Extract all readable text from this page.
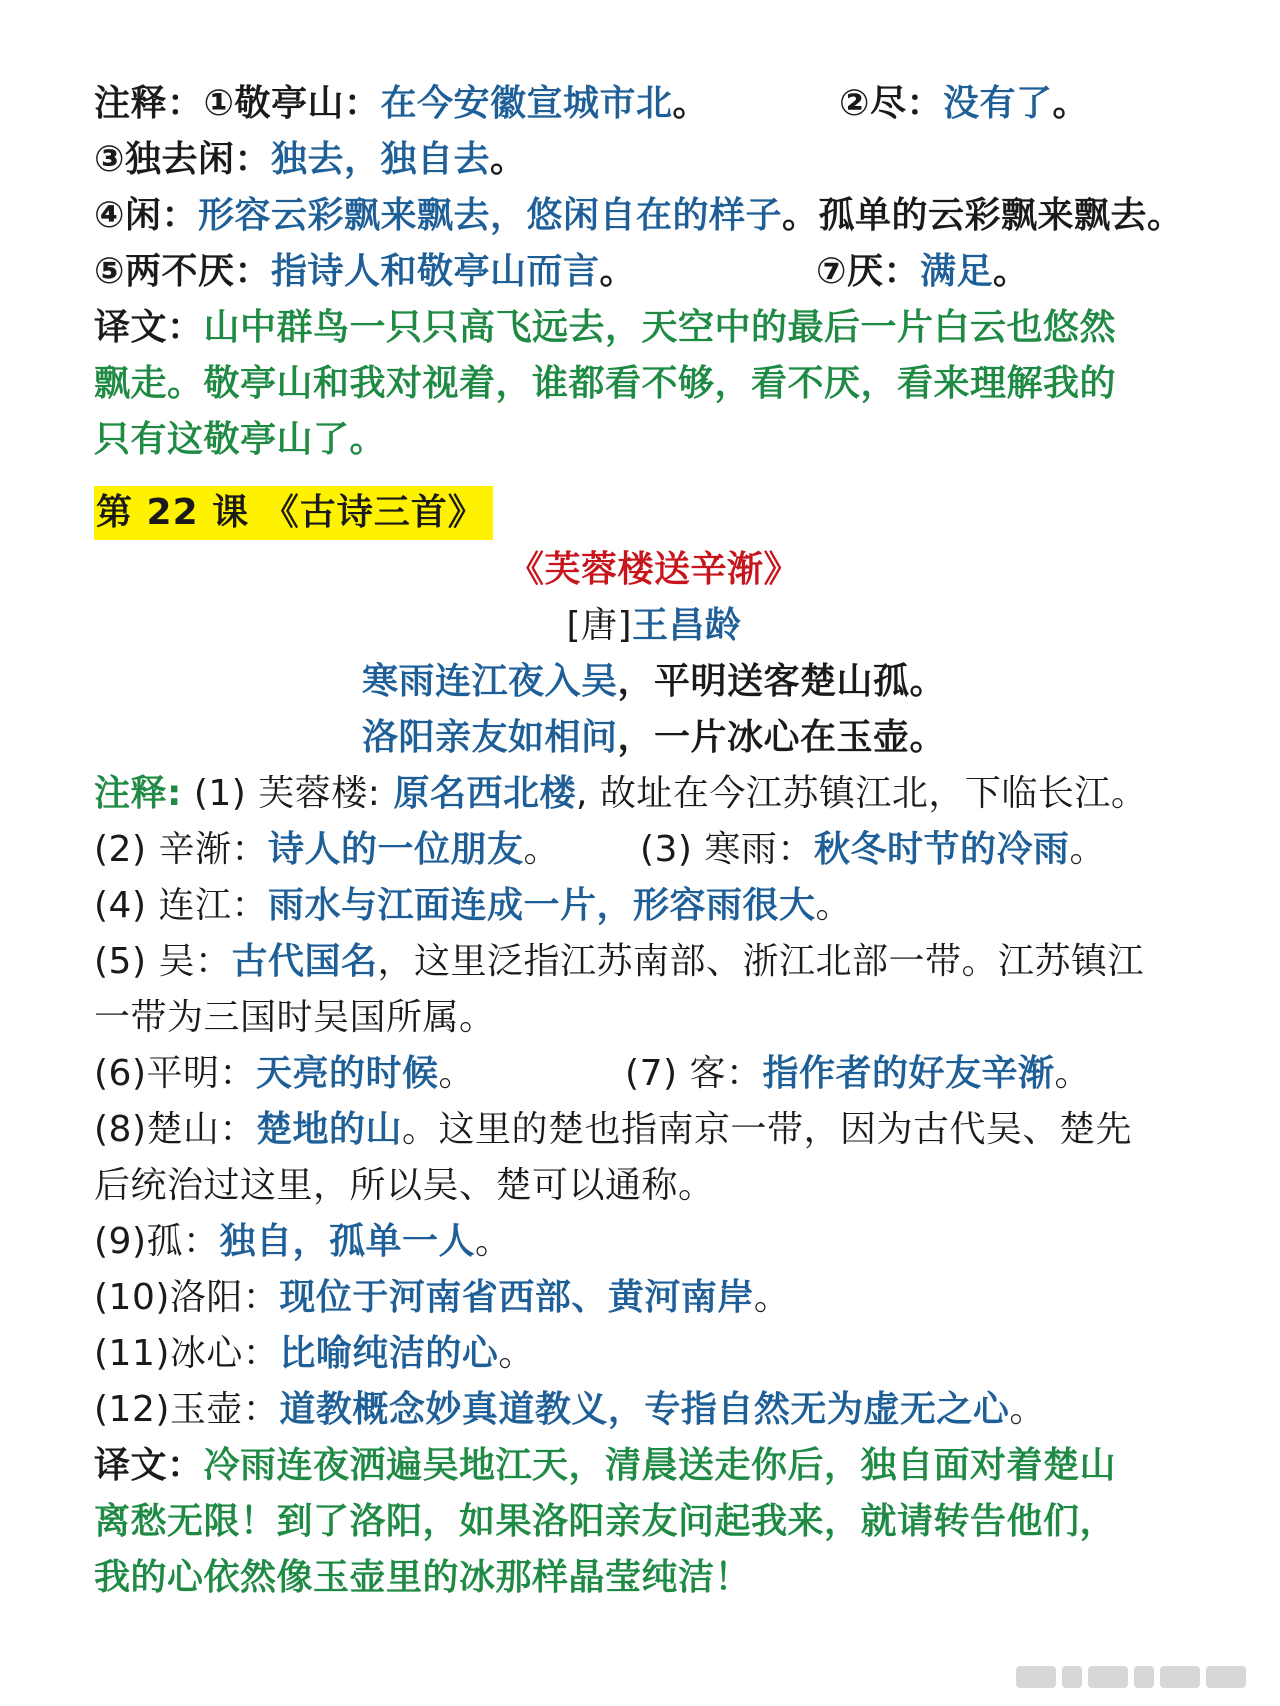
注释：①敬亭山：在今安徽宣城市北。	②尽：没有了。
③独去闲：独去，独自去。
④闲：形容云彩飘来飘去，悠闲自在的样子。孤单的云彩飘来飘去。
⑤两不厌：指诗人和敬亭山而言。	⑦厌：满足。
译文：山中群鸟一只只高飞远去，天空中的最后一片白云也悠然
飘走。敬亭山和我对视着，谁都看不够，看不厌，看来理解我的
只有这敬亭山了。
第 22 课 《古诗三首》
《芙蓉楼送辛渐》
[唐]王昌龄
寒雨连江夜入吴，平明送客楚山孤。
洛阳亲友如相问，一片冰心在玉壶。
注释: (1) 芙蓉楼: 原名西北楼, 故址在今江苏镇江北，下临长江。
(2) 辛渐：诗人的一位朋友。 (3) 寒雨：秋冬时节的冷雨。
(4) 连江：雨水与江面连成一片，形容雨很大。
(5) 吴：古代国名，这里泛指江苏南部、浙江北部一带。江苏镇江
一带为三国时吴国所属。
(6)平明：天亮的时候。	(7) 客：指作者的好友辛渐。
(8)楚山：楚地的山。这里的楚也指南京一带，因为古代吴、楚先
后统治过这里，所以吴、楚可以通称。
(9)孤：独自，孤单一人。
(10)洛阳：现位于河南省西部、黄河南岸。
(11)冰心：比喻纯洁的心。
(12)玉壶：道教概念妙真道教义，专指自然无为虚无之心。
译文：冷雨连夜洒遍吴地江天，清晨送走你后，独自面对着楚山
离愁无限！到了洛阳，如果洛阳亲友问起我来，就请转告他们，
我的心依然像玉壶里的冰那样晶莹纯洁！
